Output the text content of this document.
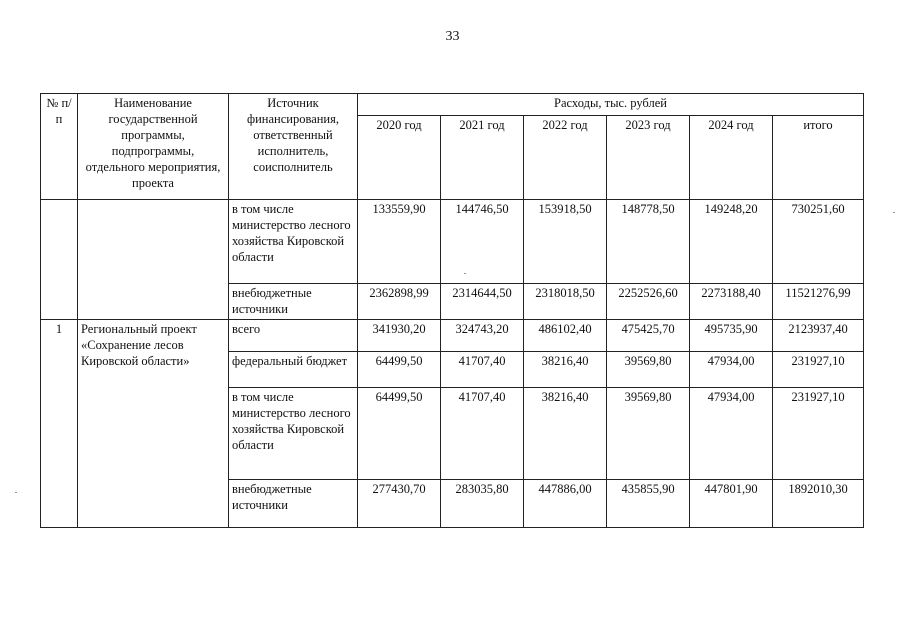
33
№ п/п	Наименование государственной программы, подпрограммы, отдельного мероприятия, проекта	Источник финансирования, ответственный исполнитель, соисполнитель	Расходы, тыс. рублей					
			2020 год	2021 год	2022 год	2023 год	2024 год	итого
		в том числе министерство лесного хозяйства Кировской области	133559,90	144746,50	153918,50	148778,50	149248,20	730251,60
		внебюджетные источники	2362898,99	2314644,50	2318018,50	2252526,60	2273188,40	11521276,99
1	Региональный проект «Сохранение лесов Кировской области»	всего	341930,20	324743,20	486102,40	475425,70	495735,90	2123937,40
		федеральный бюджет	64499,50	41707,40	38216,40	39569,80	47934,00	231927,10
		в том числе министерство лесного хозяйства Кировской области	64499,50	41707,40	38216,40	39569,80	47934,00	231927,10
		внебюджетные источники	277430,70	283035,80	447886,00	435855,90	447801,90	1892010,30
